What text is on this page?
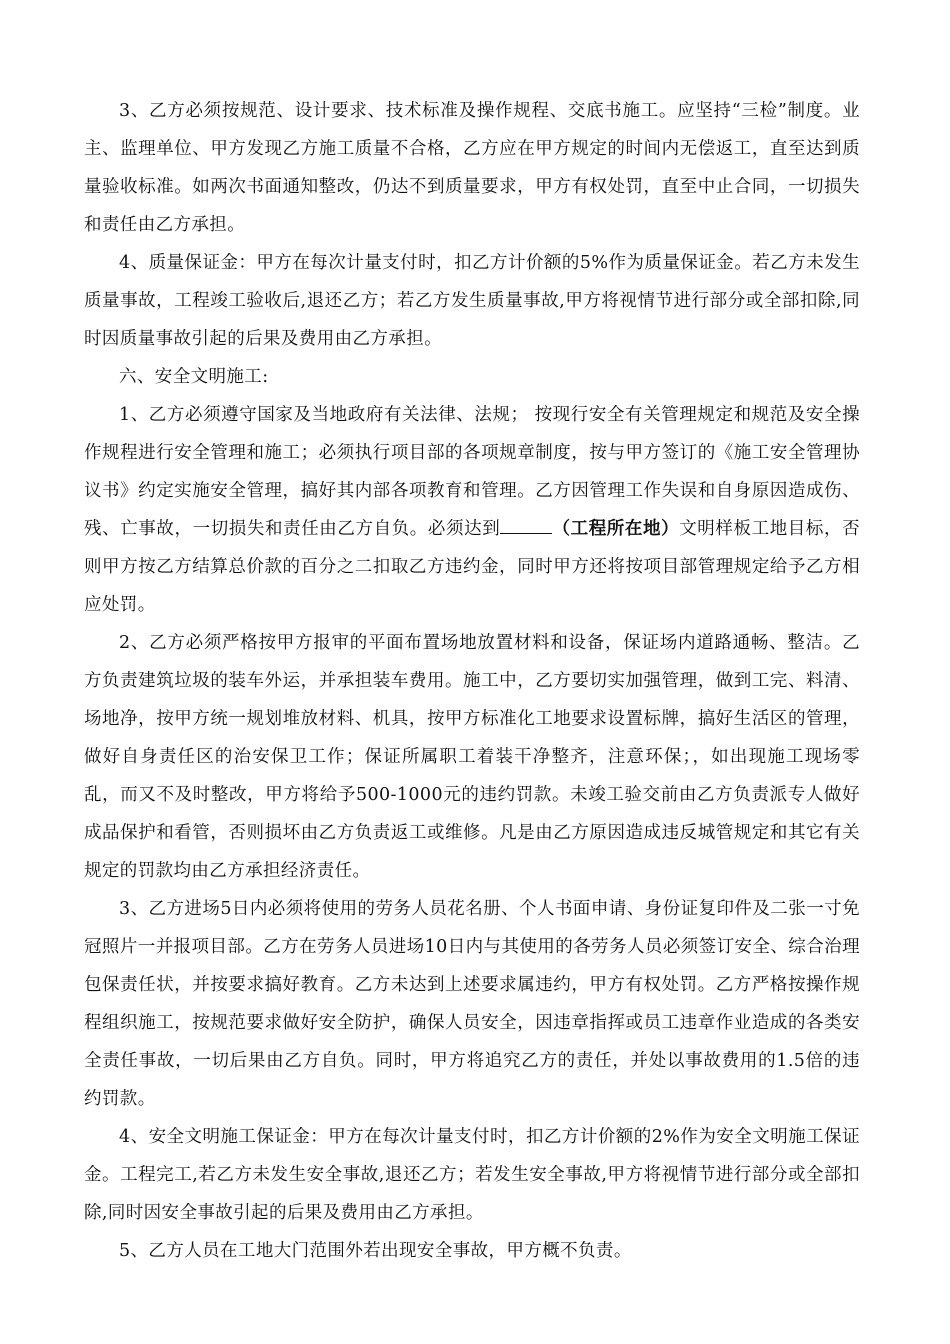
3、乙方必须按规范、设计要求、技术标准及操作规程、交底书施工。应坚持“三检”制度。业主、监理单位、甲方发现乙方施工质量不合格，乙方应在甲方规定的时间内无偿返工，直至达到质量验收标准。如两次书面通知整改，仍达不到质量要求，甲方有权处罚，直至中止合同，一切损失和责任由乙方承担。

4、质量保证金：甲方在每次计量支付时，扣乙方计价额的5%作为质量保证金。若乙方未发生质量事故，工程竣工验收后,退还乙方；若乙方发生质量事故,甲方将视情节进行部分或全部扣除,同时因质量事故引起的后果及费用由乙方承担。

六、安全文明施工:

1、乙方必须遵守国家及当地政府有关法律、法规； 按现行安全有关管理规定和规范及安全操作规程进行安全管理和施工；必须执行项目部的各项规章制度，按与甲方签订的《施工安全管理协议书》约定实施安全管理，搞好其内部各项教育和管理。乙方因管理工作失误和自身原因造成伤、残、亡事故，一切损失和责任由乙方自负。必须达到	（工程所在地）文明样板工地目标，否则甲方按乙方结算总价款的百分之二扣取乙方违约金，同时甲方还将按项目部管理规定给予乙方相应处罚。

2、乙方必须严格按甲方报审的平面布置场地放置材料和设备，保证场内道路通畅、整洁。乙方负责建筑垃圾的装车外运，并承担装车费用。施工中，乙方要切实加强管理，做到工完、料清、场地净，按甲方统一规划堆放材料、机具，按甲方标准化工地要求设置标牌，搞好生活区的管理，做好自身责任区的治安保卫工作；保证所属职工着装干净整齐，注意环保；，如出现施工现场零乱，而又不及时整改，甲方将给予500-1000元的违约罚款。未竣工验交前由乙方负责派专人做好成品保护和看管，否则损坏由乙方负责返工或维修。凡是由乙方原因造成违反城管规定和其它有关规定的罚款均由乙方承担经济责任。

3、乙方进场5日内必须将使用的劳务人员花名册、个人书面申请、身份证复印件及二张一寸免冠照片一并报项目部。乙方在劳务人员进场10日内与其使用的各劳务人员必须签订安全、综合治理包保责任状，并按要求搞好教育。乙方未达到上述要求属违约，甲方有权处罚。乙方严格按操作规程组织施工，按规范要求做好安全防护，确保人员安全，因违章指挥或员工违章作业造成的各类安全责任事故，一切后果由乙方自负。同时，甲方将追究乙方的责任，并处以事故费用的1.5倍的违约罚款。

4、安全文明施工保证金：甲方在每次计量支付时，扣乙方计价额的2%作为安全文明施工保证金。工程完工,若乙方未发生安全事故,退还乙方；若发生安全事故,甲方将视情节进行部分或全部扣除,同时因安全事故引起的后果及费用由乙方承担。

5、乙方人员在工地大门范围外若出现安全事故，甲方概不负责。
